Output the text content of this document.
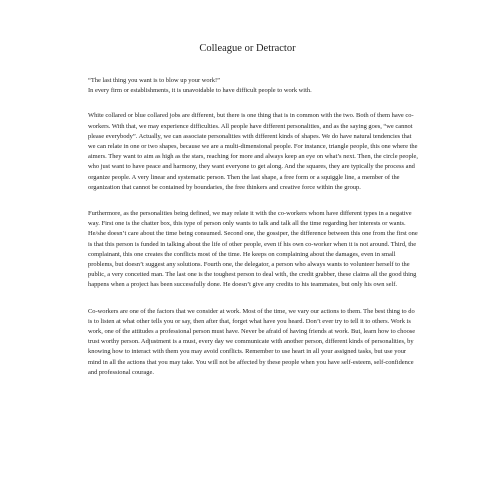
Colleague or Detractor

“The last thing you want is to blow up your work!”

In every firm or establishments, it is unavoidable to have difficult people to work with.

White collared or blue collared jobs are different, but there is one thing that is in common with the two. Both of them have co-workers. With that, we may experience difficulties. All people have different personalities, and as the saying goes, “we cannot please everybody”. Actually, we can associate personalities with different kinds of shapes. We do have natural tendencies that we can relate in one or two shapes, because we are a multi-dimensional people. For instance, triangle people, this one where the aimers. They want to aim as high as the stars, reaching for more and always keep an eye on what’s next. Then, the circle people, who just want to have peace and harmony, they want everyone to get along. And the squares, they are typically the process and organize people. A very linear and systematic person. Then the last shape, a free form or a squiggle line, a member of the organization that cannot be contained by boundaries, the free thinkers and creative force within the group.

Furthermore, as the personalities being defined, we may relate it with the co-workers whom have different types in a negative way. First one is the chatter box, this type of person only wants to talk and talk all the time regarding her interests or wants. He/she doesn’t care about the time being consumed. Second one, the gossiper, the difference between this one from the first one is that this person is funded in talking about the life of other people, even if his own co-worker when it is not around. Third, the complainant, this one creates the conflicts most of the time. He keeps on complaining about the damages, even in small problems, but doesn’t suggest any solutions. Fourth one, the delegator, a person who always wants to volunteer herself to the public, a very conceited man. The last one is the toughest person to deal with, the credit grabber, these claims all the good thing happens when a project has been successfully done. He doesn’t give any credits to his teammates, but only his own self.

Co-workers are one of the factors that we consider at work. Most of the time, we vary our actions to them. The best thing to do is to listen at what other tells you or say, then after that, forget what have you heard. Don’t ever try to tell it to others. Work is work, one of the attitudes a professional person must have. Never be afraid of having friends at work. But, learn how to choose trust worthy person. Adjustment is a must, every day we communicate with another person, different kinds of personalities, by knowing how to interact with them you may avoid conflicts. Remember to use heart in all your assigned tasks, but use your mind in all the actions that you may take. You will not be affected by these people when you have self-esteem, self-confidence and professional courage.
